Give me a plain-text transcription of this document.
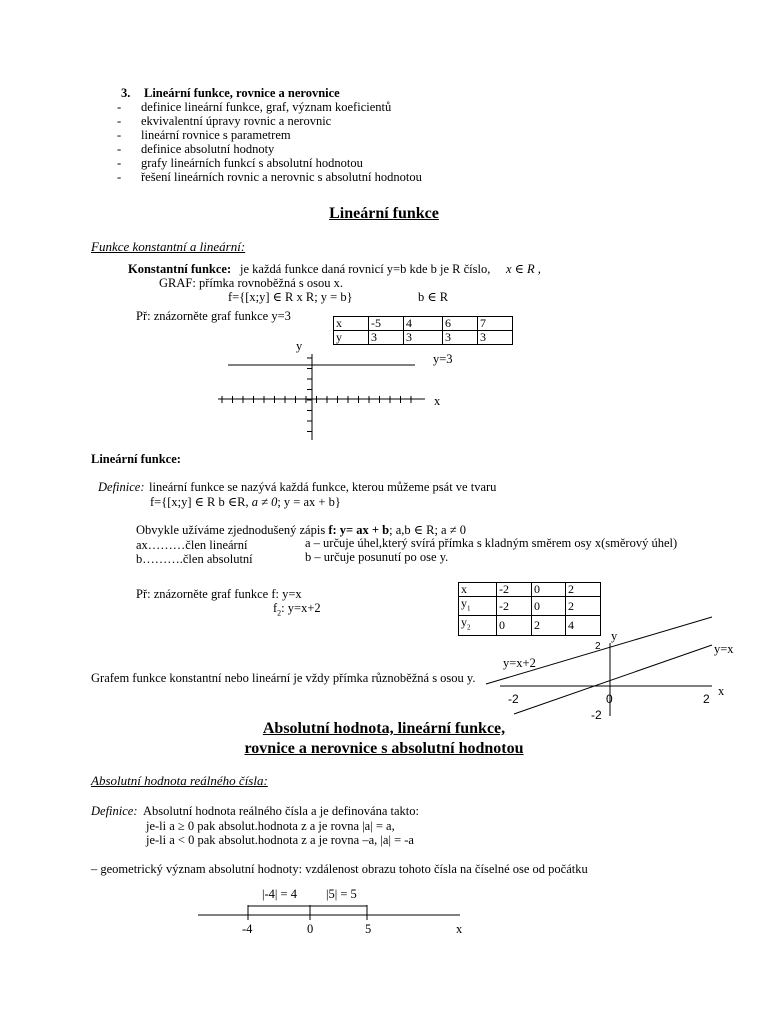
3. Lineární funkce, rovnice a nerovnice
- definice lineární funkce, graf, význam koeficientů
- ekvivalentní úpravy rovnic a nerovnic
- lineární rovnice s parametrem
- definice absolutní hodnoty
- grafy lineárních funkcí s absolutní hodnotou
- řešení lineárních rovnic a nerovnic s absolutní hodnotou
Lineární funkce
Funkce konstantní a lineární:
Konstantní funkce: je každá funkce daná rovnicí y=b kde b je R číslo, x ∈ R ,
GRAF: přímka rovnoběžná s osou x.
f={[x;y] ∈ R x R; y = b}	b ∈ R
Př: znázorněte graf funkce y=3	x	-5	4	6	7
y	3	3	3	3
y
x
y=3
Lineární funkce:
Definice: lineární funkce se nazývá každá funkce, kterou můžeme psát ve tvaru
f={[x;y] ∈ R b ∈R, a ≠ 0; y = ax + b}
Obvykle užíváme zjednodušený zápis f: y= ax + b; a,b ∈ R; a ≠ 0
ax………člen lineární	a – určuje úhel,který svírá přímka s kladným směrem osy x(směrový úhel)
b……….člen absolutní	b – určuje posunutí po ose y.
Př: znázorněte graf funkce f: y=x
$f_2$: y=x+2
x	-2	0	2
$y_1$	-2	0	2
$y_2$	0	2	4
y
2	y=x
y=x+2
x
-2	0	2
-2
Grafem funkce konstantní nebo lineární je vždy přímka různoběžná s osou y.
Absolutní hodnota, lineární funkce,
rovnice a nerovnice s absolutní hodnotou
Absolutní hodnota reálného čísla:
Definice: Absolutní hodnota reálného čísla a je definována takto:
je-li a ≥ 0 pak absolut.hodnota z a je rovna |a| = a,
je-li a < 0 pak absolut.hodnota z a je rovna –a, |a| = -a
– geometrický význam absolutní hodnoty: vzdálenost obrazu tohoto čísla na číselné ose od počátku
|-4| = 4 |5| = 5
-4	0	5	x
